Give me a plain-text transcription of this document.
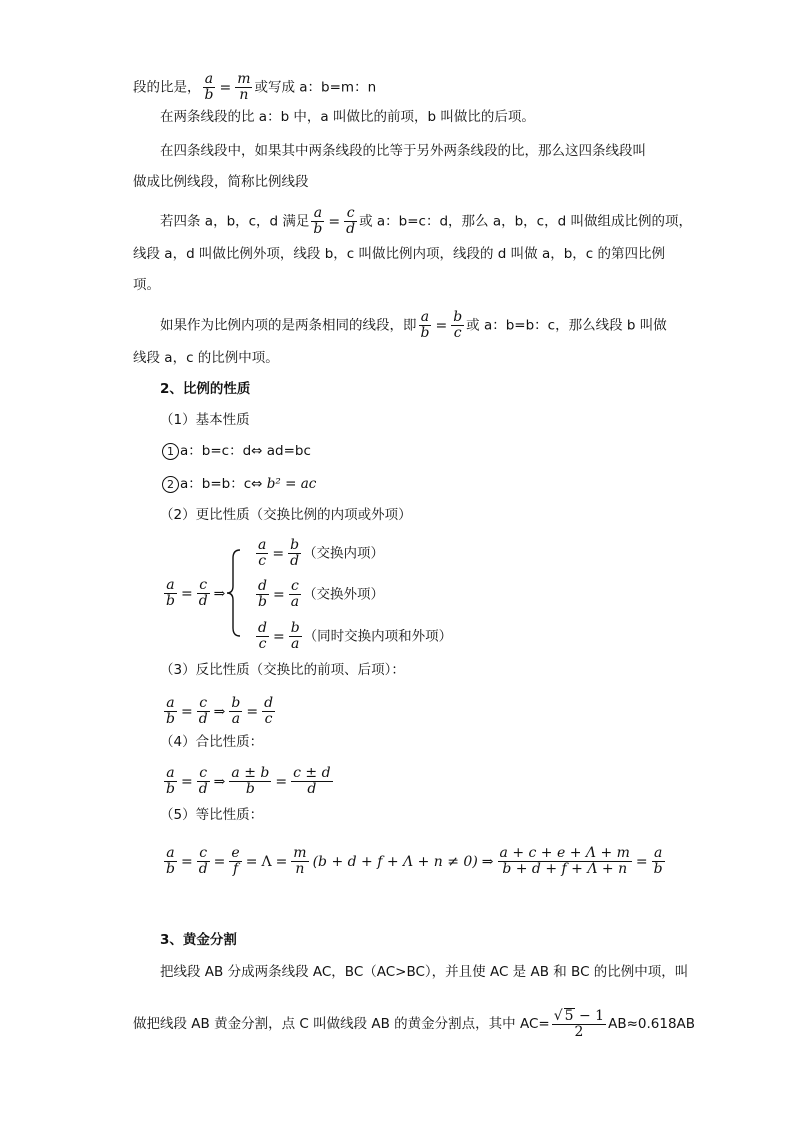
段的比是， $\frac{a}{b} = \frac{m}{n}$ 或写成 a：b=m：n
在两条线段的比 a：b 中，a 叫做比的前项，b 叫做比的后项。
在四条线段中，如果其中两条线段的比等于另外两条线段的比，那么这四条线段叫
做成比例线段，简称比例线段
若四条 a，b，c，d 满足 $\frac{a}{b} = \frac{c}{d}$ 或 a：b=c：d，那么 a，b，c，d 叫做组成比例的项，
线段 a，d 叫做比例外项，线段 b，c 叫做比例内项，线段的 d 叫做 a，b，c 的第四比例
项。
如果作为比例内项的是两条相同的线段，即 $\frac{a}{b} = \frac{b}{c}$ 或 a：b=b：c，那么线段 b 叫做
线段 a，c 的比例中项。
2、比例的性质
（1）基本性质
1 a：b=c：d⇔ ad=bc
2 a：b=b：c⇔ b² = ac
（2）更比性质（交换比例的内项或外项）
$\frac{a}{b} = \frac{c}{d}$ ⇒
$\frac{a}{c} = \frac{b}{d}$ （交换内项）
$\frac{d}{b} = \frac{c}{a}$ （交换外项）
$\frac{d}{c} = \frac{b}{a}$ （同时交换内项和外项）
（3）反比性质（交换比的前项、后项）：
$\frac{a}{b} = \frac{c}{d}$ ⇒ $\frac{b}{a} = \frac{d}{c}$
（4）合比性质：
$\frac{a}{b} = \frac{c}{d}$ ⇒ $\frac{a \pm b}{b} = \frac{c \pm d}{d}$
（5）等比性质：
$\frac{a}{b} = \frac{c}{d} = \frac{e}{f} = \Lambda = \frac{m}{n} (b + d + f + \Lambda + n \ne 0)$ ⇒ $\frac{a + c + e + \Lambda + m}{b + d + f + \Lambda + n} = \frac{a}{b}$
3、黄金分割
把线段 AB 分成两条线段 AC，BC（AC>BC），并且使 AC 是 AB 和 BC 的比例中项，叫
做把线段 AB 黄金分割，点 C 叫做线段 AB 的黄金分割点，其中 $AC= \frac{√ 5 - 1}{2} AB\approx 0.618AB$
